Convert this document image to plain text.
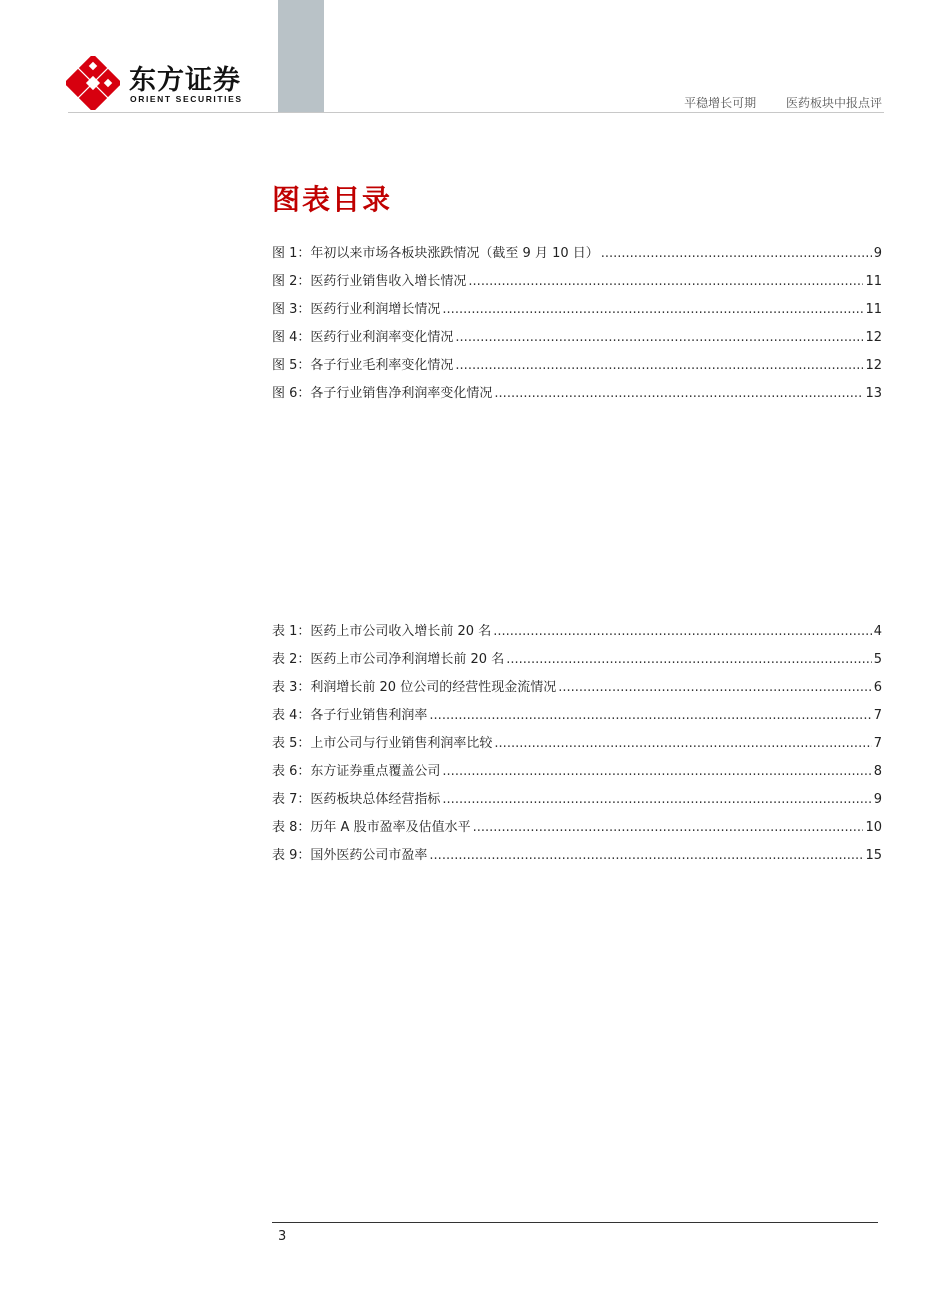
东方证券
ORIENT SECURITIES	平稳增长可期 医药板块中报点评
图表目录
图 1： 年初以来市场各板块涨跌情况（截至 9 月 10 日） .....	9
图 2： 医药行业销售收入增长情况 .....	11
图 3： 医药行业利润增长情况 .....	11
图 4： 医药行业利润率变化情况 .....	12
图 5： 各子行业毛利率变化情况 .....	12
图 6： 各子行业销售净利润率变化情况 .....	13
表 1： 医药上市公司收入增长前 20 名 .....	4
表 2： 医药上市公司净利润增长前 20 名 .....	5
表 3： 利润增长前 20 位公司的经营性现金流情况 .....	6
表 4： 各子行业销售利润率 .....	7
表 5： 上市公司与行业销售利润率比较 .....	7
表 6： 东方证券重点覆盖公司 .....	8
表 7： 医药板块总体经营指标 .....	9
表 8： 历年 A 股市盈率及估值水平 .....	10
表 9： 国外医药公司市盈率 .....	15
3
